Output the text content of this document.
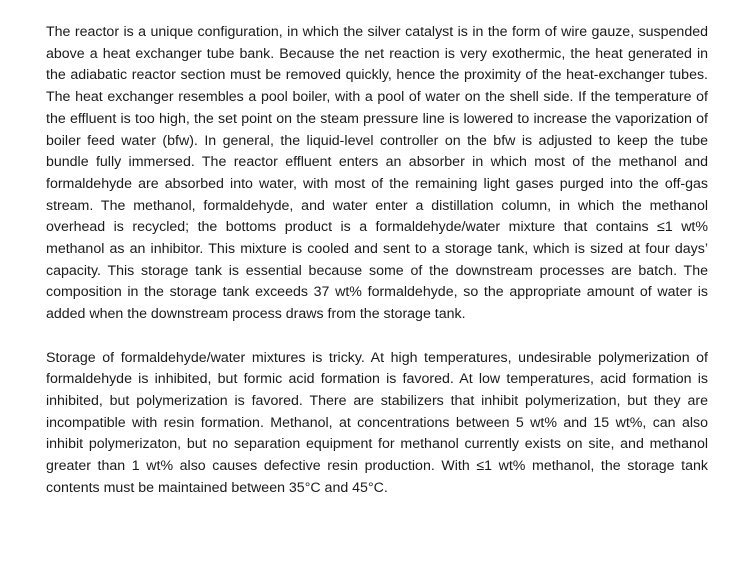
The reactor is a unique configuration, in which the silver catalyst is in the form of wire gauze, suspended above a heat exchanger tube bank. Because the net reaction is very exothermic, the heat generated in the adiabatic reactor section must be removed quickly, hence the proximity of the heat-exchanger tubes. The heat exchanger resembles a pool boiler, with a pool of water on the shell side. If the temperature of the effluent is too high, the set point on the steam pressure line is lowered to increase the vaporization of boiler feed water (bfw). In general, the liquid-level controller on the bfw is adjusted to keep the tube bundle fully immersed. The reactor effluent enters an absorber in which most of the methanol and formaldehyde are absorbed into water, with most of the remaining light gases purged into the off-gas stream. The methanol, formaldehyde, and water enter a distillation column, in which the methanol overhead is recycled; the bottoms product is a formaldehyde/water mixture that contains ≤1 wt% methanol as an inhibitor. This mixture is cooled and sent to a storage tank, which is sized at four days’ capacity. This storage tank is essential because some of the downstream processes are batch. The composition in the storage tank exceeds 37 wt% formaldehyde, so the appropriate amount of water is added when the downstream process draws from the storage tank.

Storage of formaldehyde/water mixtures is tricky. At high temperatures, undesirable polymerization of formaldehyde is inhibited, but formic acid formation is favored. At low temperatures, acid formation is inhibited, but polymerization is favored. There are stabilizers that inhibit polymerization, but they are incompatible with resin formation. Methanol, at concentrations between 5 wt% and 15 wt%, can also inhibit polymerizaton, but no separation equipment for methanol currently exists on site, and methanol greater than 1 wt% also causes defective resin production. With ≤1 wt% methanol, the storage tank contents must be maintained between 35°C and 45°C.
